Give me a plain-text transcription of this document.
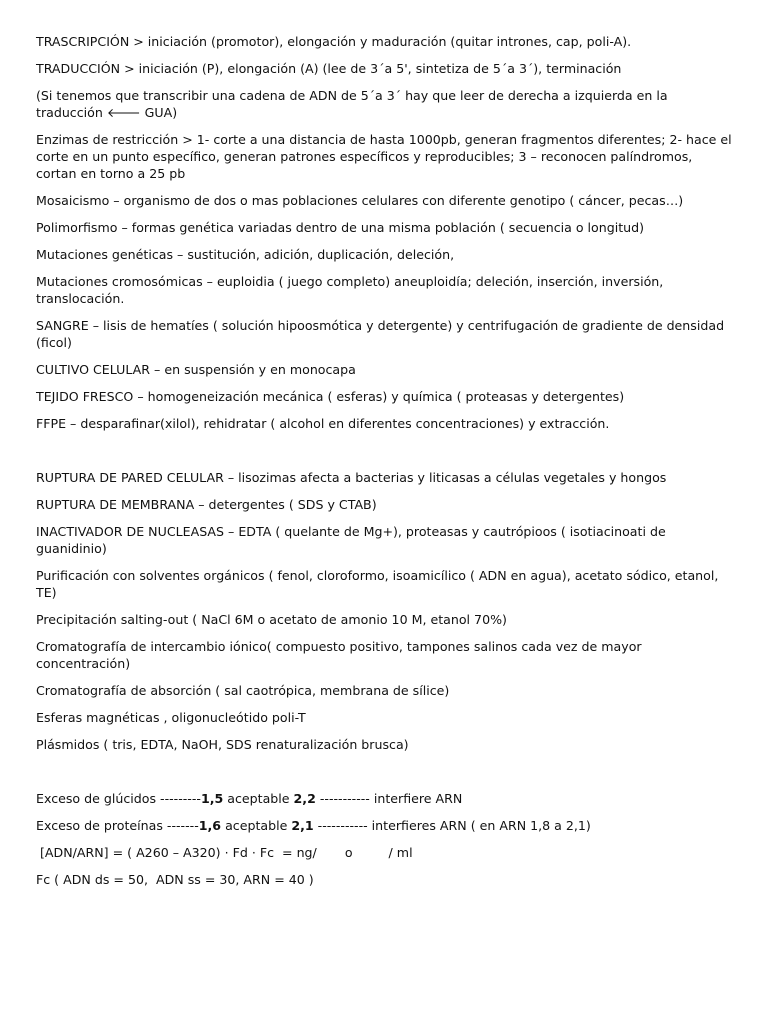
TRASCRIPCIÓN > iniciación (promotor), elongación y maduración (quitar intrones, cap, poli-A).

TRADUCCIÓN > iniciación (P), elongación (A) (lee de 3´a 5', sintetiza de 5´a 3´), terminación

(Si tenemos que transcribir una cadena de ADN de 5´a 3´ hay que leer de derecha a izquierda en la traducción 🡐 GUA)

Enzimas de restricción > 1- corte a una distancia de hasta 1000pb, generan fragmentos diferentes; 2- hace el corte en un punto específico, generan patrones específicos y reproducibles; 3 – reconocen palíndromos, cortan en torno a 25 pb

Mosaicismo – organismo de dos o mas poblaciones celulares con diferente genotipo ( cáncer, pecas…)

Polimorfismo – formas genética variadas dentro de una misma población ( secuencia o longitud)

Mutaciones genéticas – sustitución, adición, duplicación, deleción,

Mutaciones cromosómicas – euploidia ( juego completo) aneuploidía; deleción, inserción, inversión, translocación.

SANGRE – lisis de hematíes ( solución hipoosmótica y detergente) y centrifugación de gradiente de densidad (ficol)

CULTIVO CELULAR – en suspensión y en monocapa

TEJIDO FRESCO – homogeneización mecánica ( esferas) y química ( proteasas y detergentes)

FFPE – desparafinar(xilol), rehidratar ( alcohol en diferentes concentraciones) y extracción.

RUPTURA DE PARED CELULAR – lisozimas afecta a bacterias y liticasas a células vegetales y hongos

RUPTURA DE MEMBRANA – detergentes ( SDS y CTAB)

INACTIVADOR DE NUCLEASAS – EDTA ( quelante de Mg+), proteasas y cautrópioos ( isotiacinoati de guanidinio)

Purificación con solventes orgánicos ( fenol, cloroformo, isoamicílico ( ADN en agua), acetato sódico, etanol, TE)

Precipitación salting-out ( NaCl 6M o acetato de amonio 10 M, etanol 70%)

Cromatografía de intercambio iónico( compuesto positivo, tampones salinos cada vez de mayor concentración)

Cromatografía de absorción ( sal caotrópica, membrana de sílice)

Esferas magnéticas , oligonucleótido poli-T

Plásmidos ( tris, EDTA, NaOH, SDS renaturalización brusca)

Exceso de glúcidos ---------1,5 aceptable 2,2 ----------- interfiere ARN

Exceso de proteínas -------1,6 aceptable 2,1 ----------- interfieres ARN ( en ARN 1,8 a 2,1)

[ADN/ARN] = ( A260 – A320) · Fd · Fc  = ng/       o         / ml

Fc ( ADN ds = 50,  ADN ss = 30, ARN = 40 )
